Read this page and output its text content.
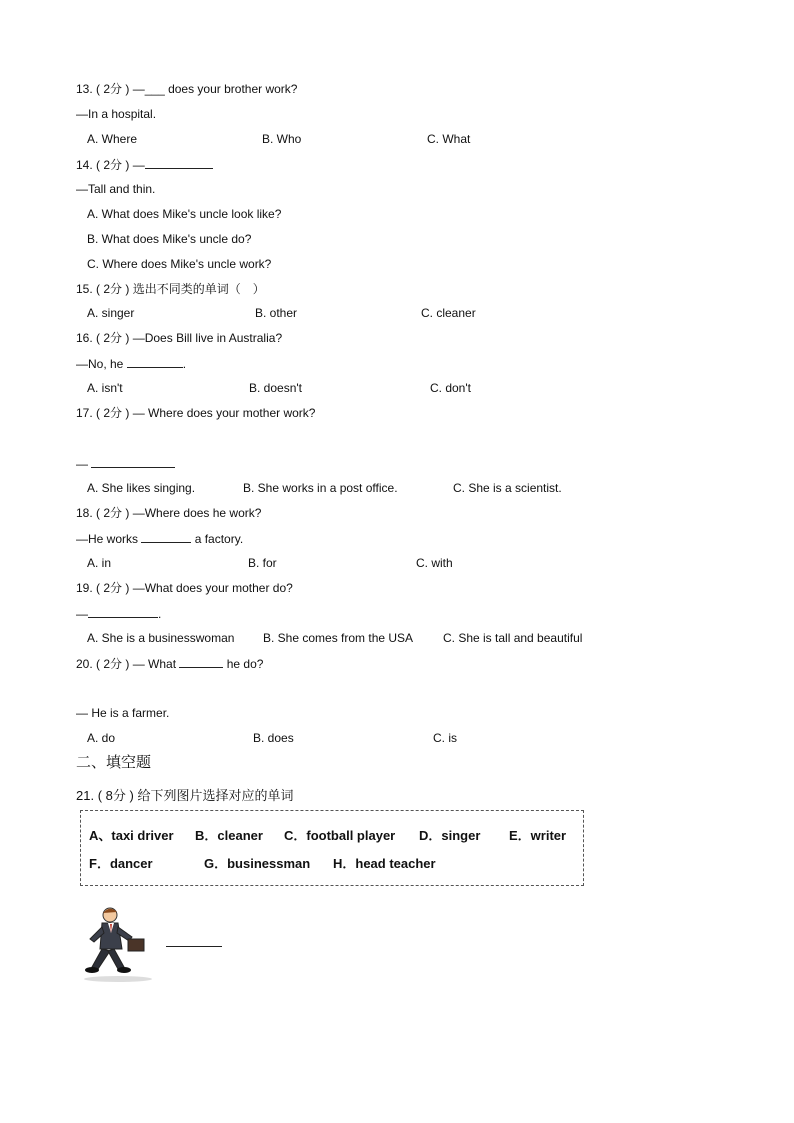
13. ( 2分 ) —___ does your brother work?
—In a hospital.
A. Where	B. Who	C. What
14. ( 2分 ) —
—Tall and thin.
A. What does Mike's uncle look like?
B. What does Mike's uncle do?
C. Where does Mike's uncle work?
15. ( 2分 ) 选出不同类的单词（　）
A. singer	B. other	C. cleaner
16. ( 2分 ) —Does Bill live in Australia?
—No, he	.
A. isn't	B. doesn't	C. don't
17. ( 2分 ) — Where does your mother work?
—
A. She likes singing.	B. She works in a post office.	C. She is a scientist.
18. ( 2分 ) —Where does he work?
—He works	a factory.
A. in	B. for	C. with
19. ( 2分 ) —What does your mother do?
—	.
A. She is a businesswoman B. She comes from the USA C. She is tall and beautiful
20. ( 2分 ) — What	he do?
— He is a farmer.
A. do	B. does	C. is
二、填空题
21. ( 8分 ) 给下列图片选择对应的单词
A、taxi driver B．cleaner C．football player D．singer E．writer
F．dancer	G．businessman H．head teacher
